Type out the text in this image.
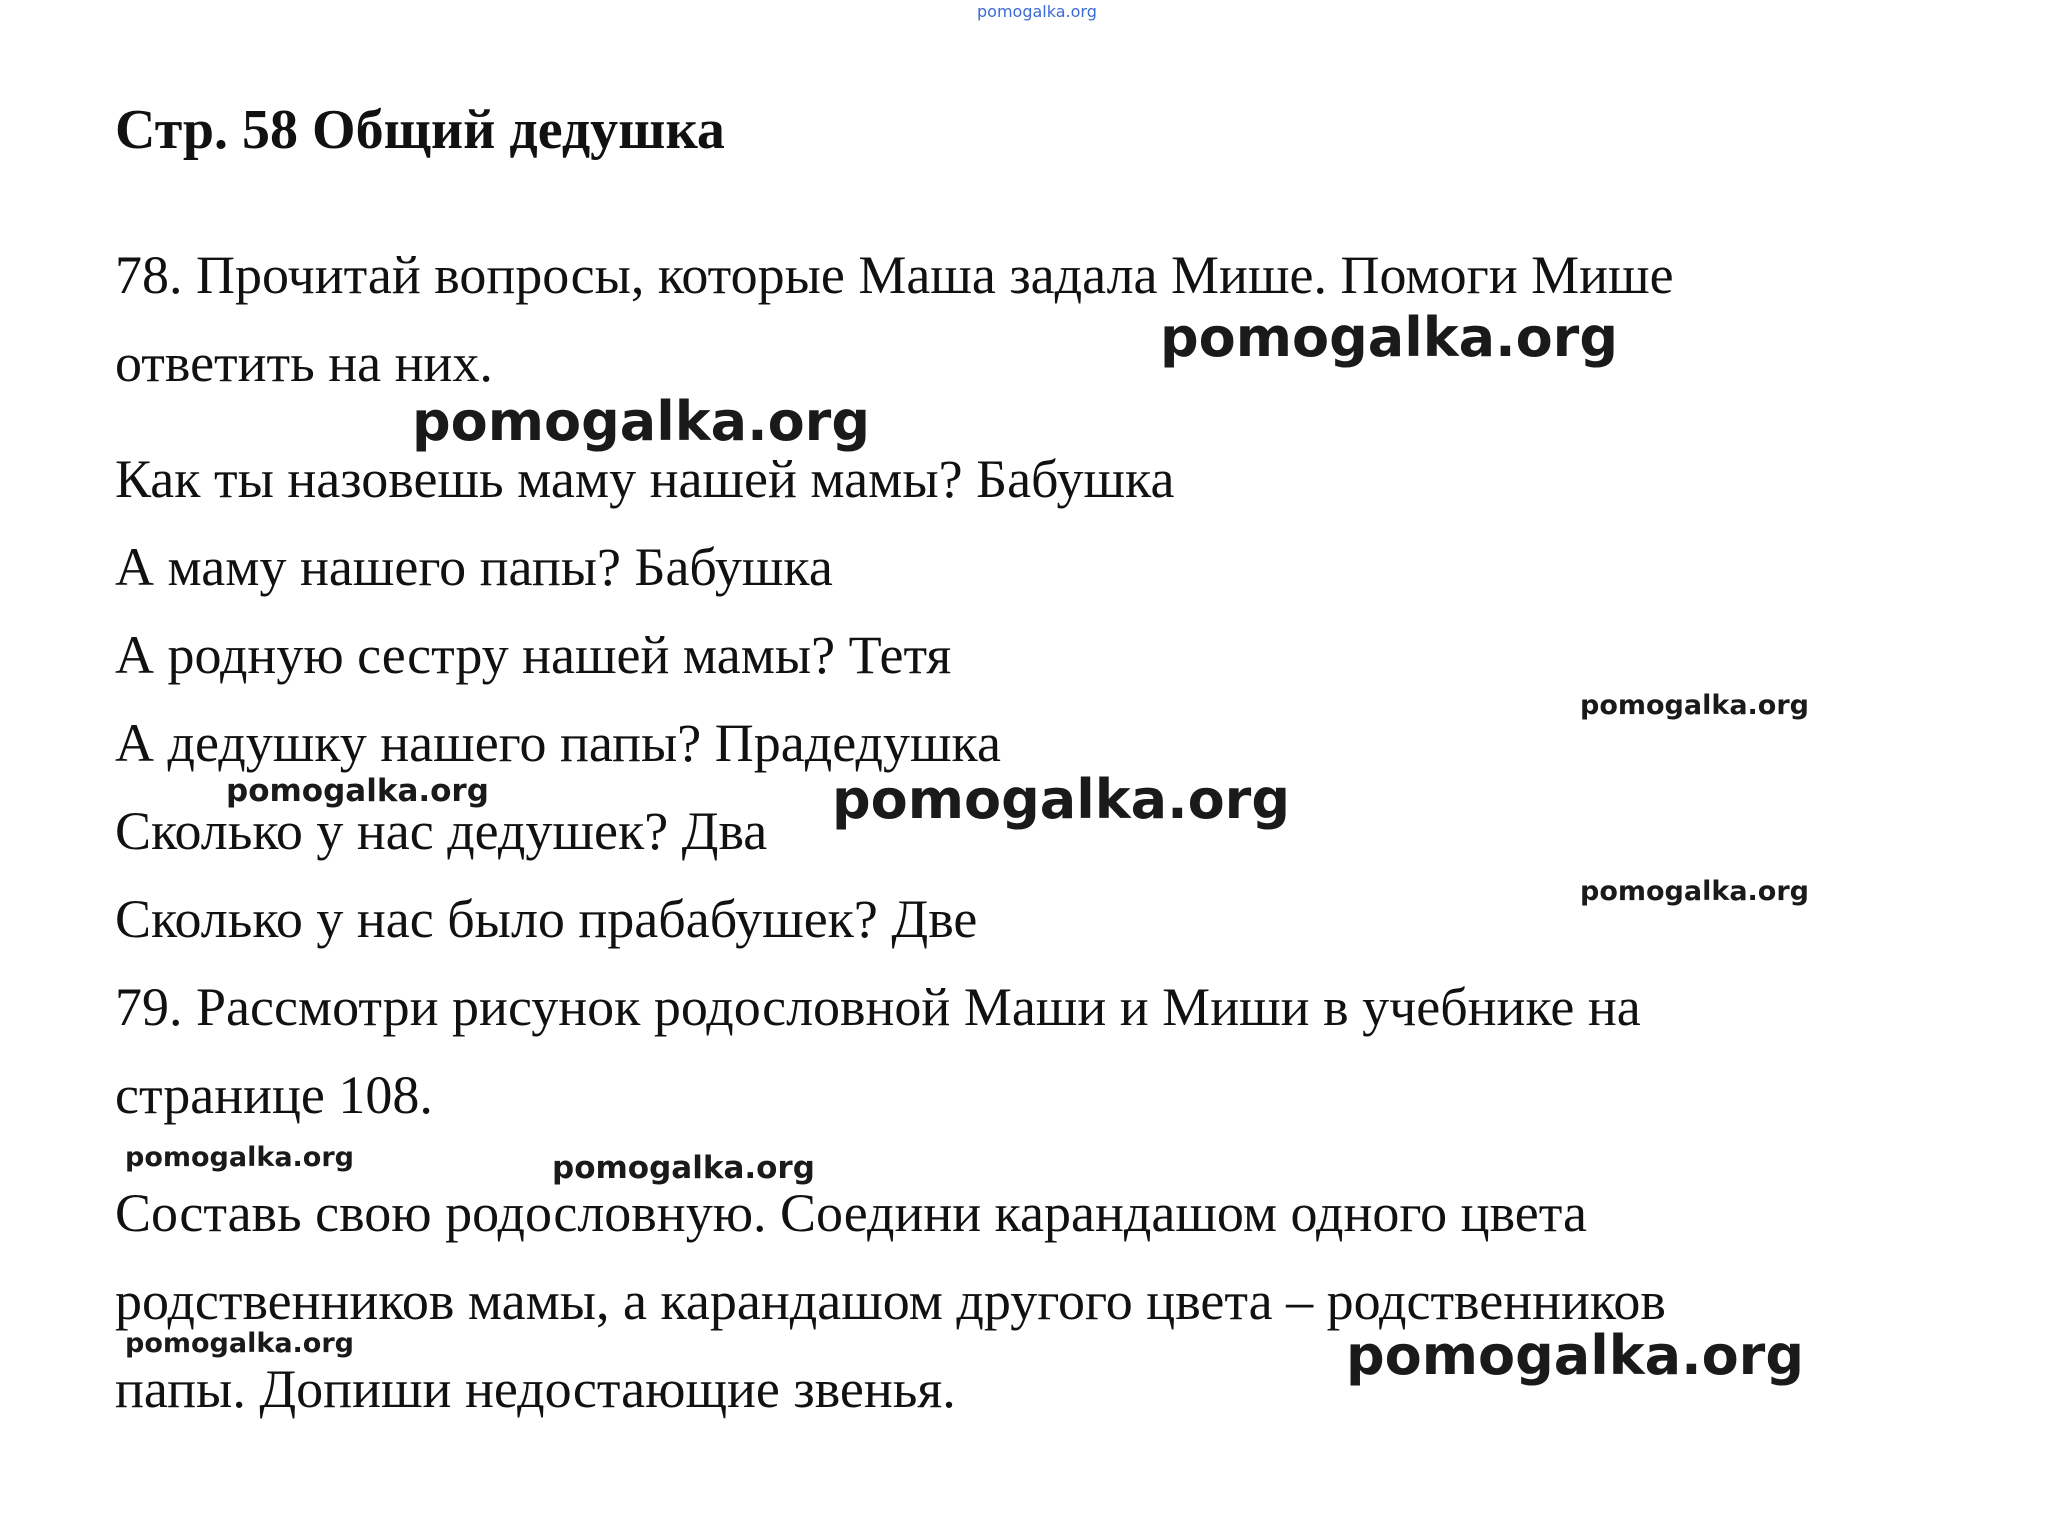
pomogalka.org
Стр. 58 Общий дедушка
78. Прочитай вопросы, которые Маша задала Мише. Помоги Мише
ответить на них.
Как ты назовешь маму нашей мамы? Бабушка
А маму нашего папы? Бабушка
А родную сестру нашей мамы? Тетя
А дедушку нашего папы? Прадедушка
Сколько у нас дедушек? Два
Сколько у нас было прабабушек? Две
79. Рассмотри рисунок родословной Маши и Миши в учебнике на
странице 108.
Составь свою родословную. Соедини карандашом одного цвета
родственников мамы, а карандашом другого цвета – родственников
папы. Допиши недостающие звенья.
pomogalka.org
pomogalka.org
pomogalka.org
pomogalka.org	pomogalka.org
pomogalka.org
pomogalka.org	pomogalka.org
pomogalka.org	pomogalka.org
